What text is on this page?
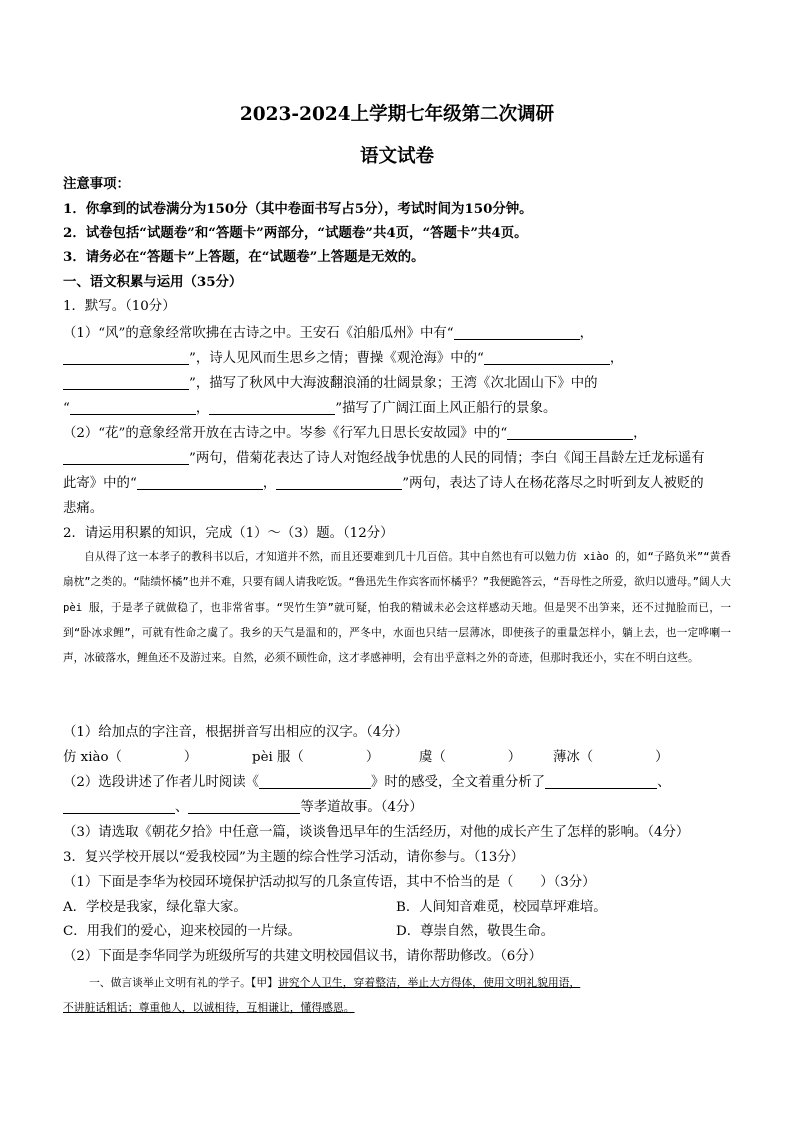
2023-2024上学期七年级第二次调研
语文试卷
注意事项：
1．你拿到的试卷满分为150分（其中卷面书写占5分），考试时间为150分钟。
2．试卷包括“试题卷”和“答题卡”两部分，“试题卷”共4页，“答题卡”共4页。
3．请务必在“答题卡”上答题，在“试题卷”上答题是无效的。
一、语文积累与运用（35分）
1．默写。（10分）
（1）“风”的意象经常吹拂在古诗之中。王安石《泊船瓜州》中有“	，
”，诗人见风而生思乡之情；曹操《观沧海》中的“	，
”，描写了秋风中大海波翻浪涌的壮阔景象；王湾《次北固山下》中的
“	，	”描写了广阔江面上风正船行的景象。
（2）“花”的意象经常开放在古诗之中。岑参《行军九日思长安故园》中的“	，
”两句，借菊花表达了诗人对饱经战争忧患的人民的同情；李白《闻王昌龄左迁龙标遥有
此寄》中的“	，	”两句，表达了诗人在杨花落尽之时听到友人被贬的
悲痛。
2．请运用积累的知识，完成（1）～（3）题。（12分）
自从得了这一本孝子的教科书以后，才知道并不然，而且还要难到几十几百倍。其中自然也有可以勉力仿 xiào 的，如“子路负米”“黄香扇枕”之类的。“陆绩怀橘”也并不难，只要有阔人请我吃饭。“鲁迅先生作宾客而怀橘乎？”我便跪答云，“吾母性之所爱，欲归以遗母。”阔人大 pèi 服，于是孝子就做稳了，也非常省事。“哭竹生笋”就可疑，怕我的精诚未必会这样感动天地。但是哭不出笋来，还不过抛脸而已，一到“卧冰求鲤”，可就有性命之虞了。我乡的天气是温和的，严冬中，水面也只结一层薄冰，即使孩子的重量怎样小，躺上去，也一定哗喇一声，冰破落水，鲤鱼还不及游过来。自然，必须不顾性命，这才孝感神明，会有出乎意料之外的奇迹，但那时我还小，实在不明白这些。
（1）给加点的字注音，根据拼音写出相应的汉字。（4分）
仿 xiào（	）	pèi 服（	）	虞（	） 薄冰（	）
（2）选段讲述了作者儿时阅读《	》时的感受，全文着重分析了	、
、	等孝道故事。（4分）
（3）请选取《朝花夕拾》中任意一篇，谈谈鲁迅早年的生活经历，对他的成长产生了怎样的影响。（4分）
3．复兴学校开展以“爱我校园”为主题的综合性学习活动，请你参与。（13分）
（1）下面是李华为校园环境保护活动拟写的几条宣传语，其中不恰当的是（　　）（3分）
A．学校是我家，绿化靠大家。	B．人间知音难觅，校园草坪难培。
C．用我们的爱心，迎来校园的一片绿。	D．尊崇自然，敬畏生命。
（2）下面是李华同学为班级所写的共建文明校园倡议书，请你帮助修改。（6分）
一、做言谈举止文明有礼的学子。【甲】讲究个人卫生，穿着整洁，举止大方得体，使用文明礼貌用语，
不讲脏话粗话；尊重他人，以诚相待，互相谦让，懂得感恩。
